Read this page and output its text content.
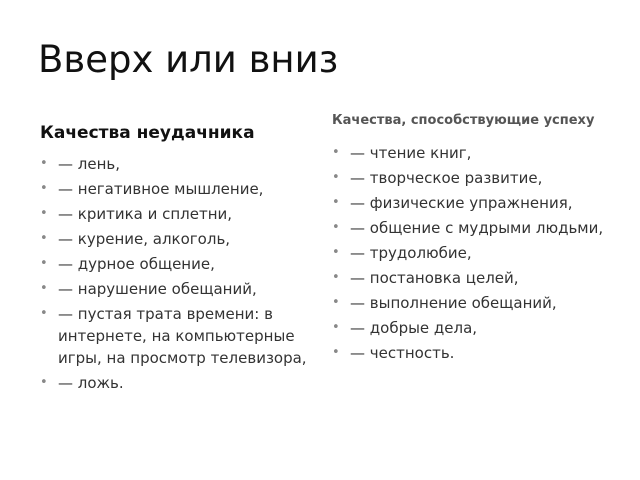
Вверх или вниз
Качества неудачника
• — лень,
• — негативное мышление,
• — критика и сплетни,
• — курение, алкоголь,
• — дурное общение,
• — нарушение обещаний,
• — пустая трата времени: в интернете, на компьютерные игры, на просмотр телевизора,
• — ложь.
Качества, способствующие успеху
• — чтение книг,
• — творческое развитие,
• — физические упражнения,
• — общение с мудрыми людьми,
• — трудолюбие,
• — постановка целей,
• — выполнение обещаний,
• — добрые дела,
• — честность.
